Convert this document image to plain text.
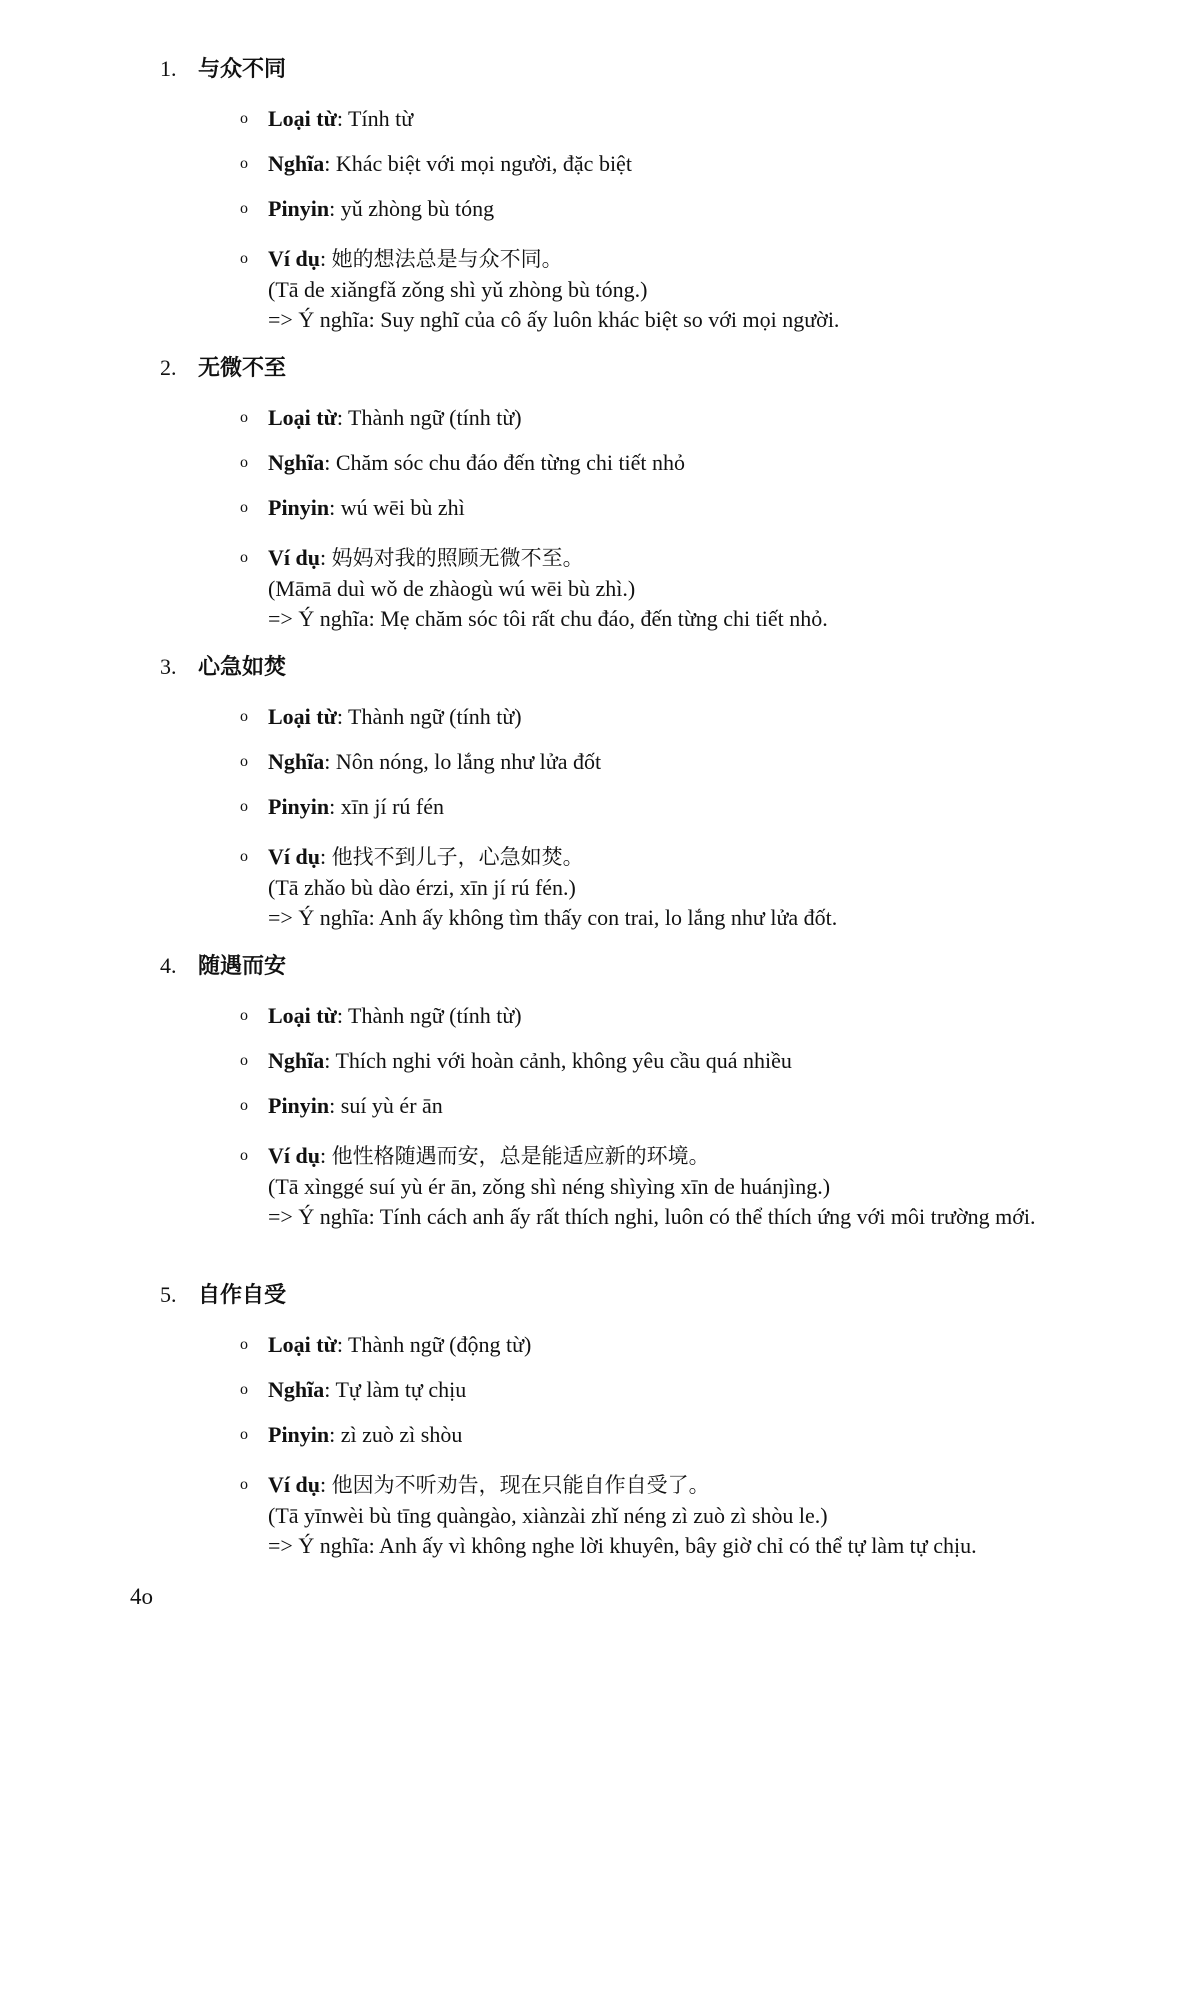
1. 与众不同
o Loại từ: Tính từ
o Nghĩa: Khác biệt với mọi người, đặc biệt
o Pinyin: yǔ zhòng bù tóng
o Ví dụ: 她的想法总是与众不同。
(Tā de xiǎngfǎ zǒng shì yǔ zhòng bù tóng.)
=> Ý nghĩa: Suy nghĩ của cô ấy luôn khác biệt so với mọi người.
2. 无微不至
o Loại từ: Thành ngữ (tính từ)
o Nghĩa: Chăm sóc chu đáo đến từng chi tiết nhỏ
o Pinyin: wú wēi bù zhì
o Ví dụ: 妈妈对我的照顾无微不至。
(Māmā duì wǒ de zhàogù wú wēi bù zhì.)
=> Ý nghĩa: Mẹ chăm sóc tôi rất chu đáo, đến từng chi tiết nhỏ.
3. 心急如焚
o Loại từ: Thành ngữ (tính từ)
o Nghĩa: Nôn nóng, lo lắng như lửa đốt
o Pinyin: xīn jí rú fén
o Ví dụ: 他找不到儿子，心急如焚。
(Tā zhǎo bù dào érzi, xīn jí rú fén.)
=> Ý nghĩa: Anh ấy không tìm thấy con trai, lo lắng như lửa đốt.
4. 随遇而安
o Loại từ: Thành ngữ (tính từ)
o Nghĩa: Thích nghi với hoàn cảnh, không yêu cầu quá nhiều
o Pinyin: suí yù ér ān
o Ví dụ: 他性格随遇而安，总是能适应新的环境。
(Tā xìnggé suí yù ér ān, zǒng shì néng shìyìng xīn de huánjìng.)
=> Ý nghĩa: Tính cách anh ấy rất thích nghi, luôn có thể thích ứng với môi trường mới.
5. 自作自受
o Loại từ: Thành ngữ (động từ)
o Nghĩa: Tự làm tự chịu
o Pinyin: zì zuò zì shòu
o Ví dụ: 他因为不听劝告，现在只能自作自受了。
(Tā yīnwèi bù tīng quàngào, xiànzài zhǐ néng zì zuò zì shòu le.)
=> Ý nghĩa: Anh ấy vì không nghe lời khuyên, bây giờ chỉ có thể tự làm tự chịu.
4o
